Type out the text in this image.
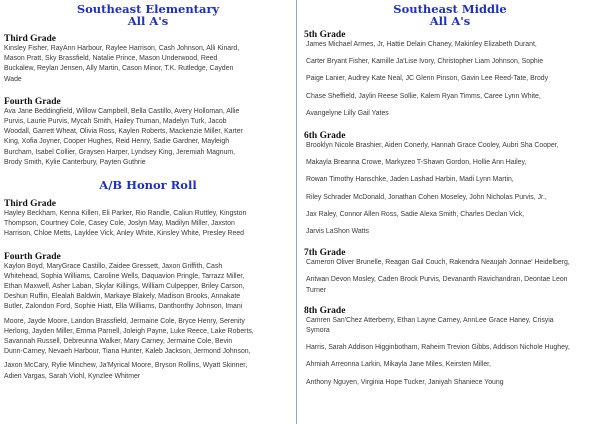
Southeast Elementary
All A's
Third Grade
Kinsley Fisher, RayAnn Harbour, Raylee Harrison, Cash Johnson, Alli Kinard,
Mason Pratt, Sky Brassfield, Natalie Prince, Mason Underwood, Reed
Buckalew, Reylan Jensen, Ally Martin, Cason Minor, T.K. Rutledge, Cayden
Wade
Fourth Grade
Ava Jane Beddingfield, Willow Campbell, Bella Castillo, Avery Holloman, Allie
Purvis, Laurie Purvis, Mycah Smith, Hailey Truman, Madelyn Turk, Jacob
Woodall, Garrett Wheat, Olivia Ross, Kaylen Roberts, Mackenzie Miller, Karter
King, Xofia Joyner, Cooper Hughes, Reid Henry, Sadie Gardner, Mayleigh
Burcham, Isabel Collier, Graysen Harper, Lyndsey King, Jeremiah Magnum,
Brody Smith, Kylie Canterbury, Payten Guthrie
A/B Honor Roll
Third Grade
Hayley Beckham, Kenna Killen, Eli Parker, Rio Randle, Caliun Ruttley, Kingston
Thompson, Courtney Cole, Casey Cole, Joslyn May, Madilyn Miller, Jaxston
Harrison, Chloe Metts, Layklee Vick, Anley White, Kinsley White, Presley Reed
Fourth Grade
Kaylon Boyd, MaryGrace Castillo, Zaidee Gressett, Jaxon Griffith, Cash
Whitehead, Sophia Williams, Caroline Wells, Daquavion Pringle, Tarrazz Miller,
Ethan Maxwell, Asher Laban, Skylar Killings, William Culpepper, Briley Carson,
Deshun Ruffin, Elealah Baldwin, Markaye Blakely, Madison Brooks, Annakate
Butler, Zalondon Ford, Sophie Hiatt, Ella Williams, Danthonthy Johnson, Imani
Moore, Jayde Moore, Landon Brassfield, Jermaine Cole, Bryce Henry, Serenity
Herlong, Jayden Miller, Emma Parnell, Joleigh Payne, Luke Reece, Lake Roberts,
Savannah Russell, Debreunna Walker, Mary Carney, Jermaine Cole, Bevin
Dunn-Carney, Nevaeh Harbour, Tiana Hunter, Kaleb Jackson, Jermond Johnson,
Jaxon McCary, Rylie Minchew, Ja'Myrical Moore, Bryson Rollins, Wyatt Skinner,
Adien Vargas, Sarah Viohl, Kynzlee Whitmer
Southeast Middle
All A's
5th Grade
James Michael Armes, Jr, Hattie Delain Chaney, Makinley Elizabeth Durant,
Carter Bryant Fisher, Kamille Ja'Lise Ivory, Christopher Liam Johnson, Sophie
Paige Lanier, Audrey Kate Neal, JC Glenn Pinson, Gavin Lee Reed-Tate, Brody
Chase Sheffield, Jaylin Reese Sollie, Kalem Ryan Timms, Caree Lynn White,
Avangelyne Lilly Gail Yates
6th Grade
Brooklyn Nicole Brashier, Aiden Conerly, Hannah Grace Cooley, Aubri Sha Cooper,
Makayla Breanna Crowe, Markyzeo T-Shawn Gordon, Hollie Ann Hailey,
Rowan Timothy Hanschke, Jaden Lashad Harbin, Madi Lynn Martin,
Riley Schrader McDonald, Jonathan Cohen Moseley, John Nicholas Purvis, Jr.,
Jax Raley, Connor Allen Ross, Sadie Alexa Smith, Charles Declan Vick,
Jarvis LaShon Watts
7th Grade
Cameron Oliver Brunelle, Reagan Gail Couch, Rakendra Neaujah Jonnae' Heidelberg,
Antwan Devon Mosley, Caden Brock Purvis, Devananth Ravichandran, Deontae Leon
Turner
8th Grade
Camren San'Chez Atterberry, Ethan Layne Carney, AnnLee Grace Haney, Crisyia
Symora
Harris, Sarah Addison Higginbotham, Raheim Trevion Gibbs, Addison Nichole Hughey,
Ahmiah Arreonna Larkin, Mikayla Jane Miles, Keirsten Miller,
Anthony Nguyen, Virginia Hope Tucker, Janiyah Shaniece Young
